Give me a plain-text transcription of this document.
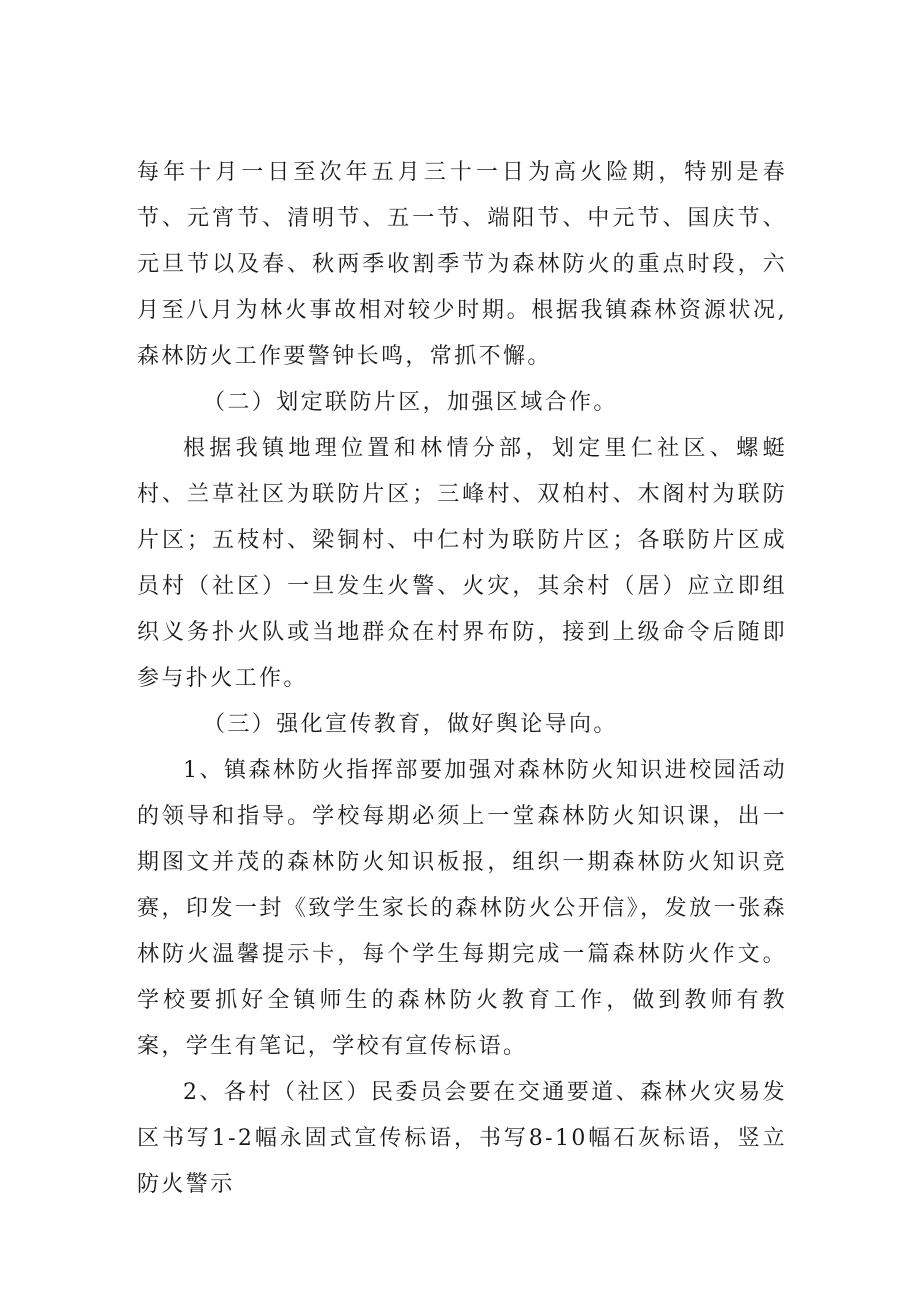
每年十月一日至次年五月三十一日为高火险期，特别是春节、元宵节、清明节、五一节、端阳节、中元节、国庆节、元旦节以及春、秋两季收割季节为森林防火的重点时段，六月至八月为林火事故相对较少时期。根据我镇森林资源状况,森林防火工作要警钟长鸣，常抓不懈。

（二）划定联防片区，加强区域合作。

根据我镇地理位置和林情分部，划定里仁社区、螺蜓村、兰草社区为联防片区；三峰村、双柏村、木阁村为联防片区；五枝村、梁铜村、中仁村为联防片区；各联防片区成员村（社区）一旦发生火警、火灾，其余村（居）应立即组织义务扑火队或当地群众在村界布防，接到上级命令后随即参与扑火工作。

（三）强化宣传教育，做好舆论导向。

1、镇森林防火指挥部要加强对森林防火知识进校园活动的领导和指导。学校每期必须上一堂森林防火知识课，出一期图文并茂的森林防火知识板报，组织一期森林防火知识竞赛，印发一封《致学生家长的森林防火公开信》，发放一张森林防火温馨提示卡，每个学生每期完成一篇森林防火作文。学校要抓好全镇师生的森林防火教育工作，做到教师有教案，学生有笔记，学校有宣传标语。

2、各村（社区）民委员会要在交通要道、森林火灾易发区书写1-2幅永固式宣传标语，书写8-10幅石灰标语，竖立防火警示
